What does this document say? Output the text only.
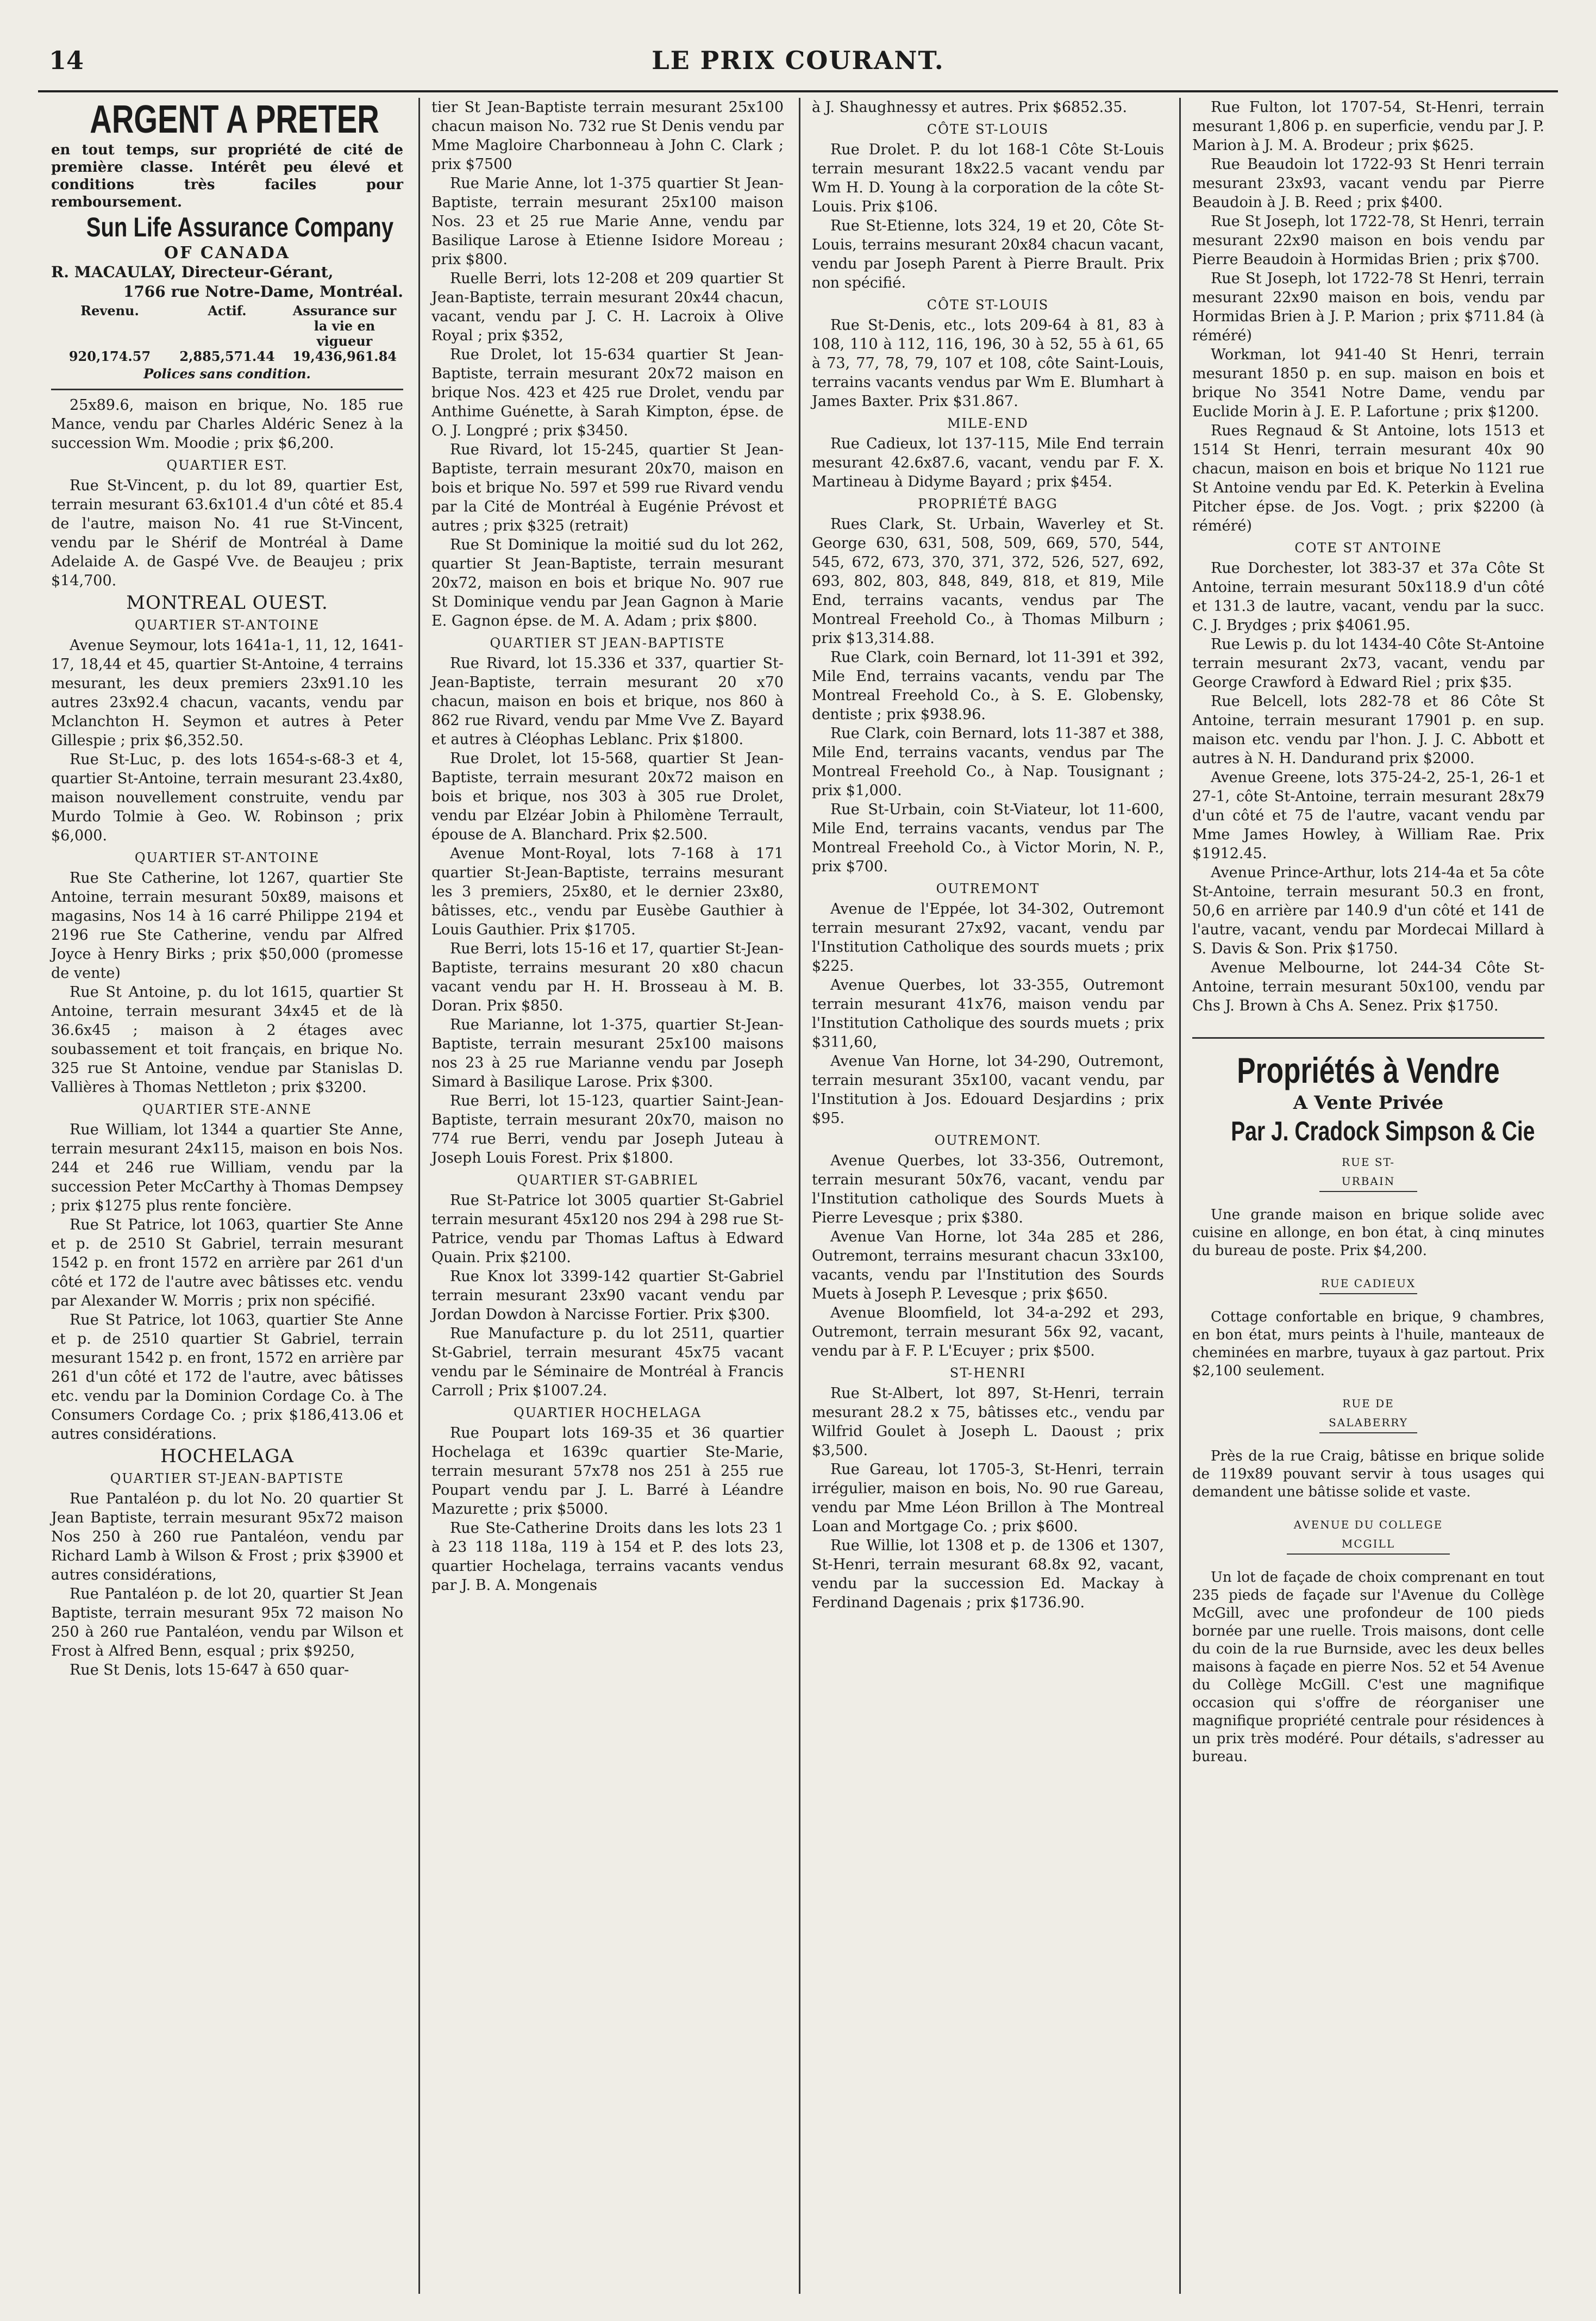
14	LE PRIX COURANT.
ARGENT A PRETER
en tout temps, sur propriété de cité de première classe. Intérêt peu élevé et conditions très faciles pour remboursement.
Sun Life Assurance Company
OF CANADA
R. MACAULAY, Directeur-Gérant,
1766 rue Notre-Dame, Montréal.
Revenu.	Actif.	Assurance sur la vie en vigueur
920,174.57	2,885,571.44	19,436,961.84
Polices sans condition.

25x89.6, maison en brique, No. 185 rue Mance, vendu par Charles Aldéric Senez à la succession Wm. Moodie ; prix $6,200.

QUARTIER EST.

Rue St-Vincent, p. du lot 89, quartier Est, terrain mesurant 63.6x101.4 d'un côté et 85.4 de l'autre, maison No. 41 rue St-Vincent, vendu par le Shérif de Montréal à Dame Adelaide A. de Gaspé Vve. de Beaujeu ; prix $14,700.

MONTREAL OUEST.
QUARTIER ST-ANTOINE

Avenue Seymour, lots 1641a-1, 11, 12, 1641-17, 18,44 et 45, quartier St-Antoine, 4 terrains mesurant, les deux premiers 23x91.10 les autres 23x92.4 chacun, vacants, vendu par Mclanchton H. Seymon et autres à Peter Gillespie ; prix $6,352.50.

Rue St-Luc, p. des lots 1654-s-68-3 et 4, quartier St-Antoine, terrain mesurant 23.4x80, maison nouvellement construite, vendu par Murdo Tolmie à Geo. W. Robinson ; prix $6,000.

QUARTIER ST-ANTOINE

Rue Ste Catherine, lot 1267, quartier Ste Antoine, terrain mesurant 50x89, maisons et magasins, Nos 14 à 16 carré Philippe 2194 et 2196 rue Ste Catherine, vendu par Alfred Joyce à Henry Birks ; prix $50,000 (promesse de vente)

Rue St Antoine, p. du lot 1615, quartier St Antoine, terrain mesurant 34x45 et de là 36.6x45 ; maison à 2 étages avec soubassement et toit français, en brique No. 325 rue St Antoine, vendue par Stanislas D. Vallières à Thomas Nettleton ; prix $3200.

QUARTIER STE-ANNE

Rue William, lot 1344 a quartier Ste Anne, terrain mesurant 24x115, maison en bois Nos. 244 et 246 rue William, vendu par la succession Peter McCarthy à Thomas Dempsey ; prix $1275 plus rente foncière.

Rue St Patrice, lot 1063, quartier Ste Anne et p. de 2510 St Gabriel, terrain mesurant 1542 p. en front 1572 en arrière par 261 d'un côté et 172 de l'autre avec bâtisses etc. vendu par Alexander W. Morris ; prix non spécifié.

Rue St Patrice, lot 1063, quartier Ste Anne et p. de 2510 quartier St Gabriel, terrain mesurant 1542 p. en front, 1572 en arrière par 261 d'un côté et 172 de l'autre, avec bâtisses etc. vendu par la Dominion Cordage Co. à The Consumers Cordage Co. ; prix $186,413.06 et autres considérations.

HOCHELAGA
QUARTIER ST-JEAN-BAPTISTE

Rue Pantaléon p. du lot No. 20 quartier St Jean Baptiste, terrain mesurant 95x72 maison Nos 250 à 260 rue Pantaléon, vendu par Richard Lamb à Wilson & Frost ; prix $3900 et autres considérations,

Rue Pantaléon p. de lot 20, quartier St Jean Baptiste, terrain mesurant 95x 72 maison No 250 à 260 rue Pantaléon, vendu par Wilson et Frost à Alfred Benn, esqual ; prix $9250,

Rue St Denis, lots 15-647 à 650 quar-

tier St Jean-Baptiste terrain mesurant 25x100 chacun maison No. 732 rue St Denis vendu par Mme Magloire Charbonneau à John C. Clark ; prix $7500

Rue Marie Anne, lot 1-375 quartier St Jean-Baptiste, terrain mesurant 25x100 maison Nos. 23 et 25 rue Marie Anne, vendu par Basilique Larose à Etienne Isidore Moreau ; prix $800.

Ruelle Berri, lots 12-208 et 209 quartier St Jean-Baptiste, terrain mesurant 20x44 chacun, vacant, vendu par J. C. H. Lacroix à Olive Royal ; prix $352,

Rue Drolet, lot 15-634 quartier St Jean-Baptiste, terrain mesurant 20x72 maison en brique Nos. 423 et 425 rue Drolet, vendu par Anthime Guénette, à Sarah Kimpton, épse. de O. J. Longpré ; prix $3450.

Rue Rivard, lot 15-245, quartier St Jean-Baptiste, terrain mesurant 20x70, maison en bois et brique No. 597 et 599 rue Rivard vendu par la Cité de Montréal à Eugénie Prévost et autres ; prix $325 (retrait)

Rue St Dominique la moitié sud du lot 262, quartier St Jean-Baptiste, terrain mesurant 20x72, maison en bois et brique No. 907 rue St Dominique vendu par Jean Gagnon à Marie E. Gagnon épse. de M. A. Adam ; prix $800.

QUARTIER ST JEAN-BAPTISTE

Rue Rivard, lot 15.336 et 337, quartier St-Jean-Baptiste, terrain mesurant 20 x70 chacun, maison en bois et brique, nos 860 à 862 rue Rivard, vendu par Mme Vve Z. Bayard et autres à Cléophas Leblanc. Prix $1800.

Rue Drolet, lot 15-568, quartier St Jean-Baptiste, terrain mesurant 20x72 maison en bois et brique, nos 303 à 305 rue Drolet, vendu par Elzéar Jobin à Philomène Terrault, épouse de A. Blanchard. Prix $2.500.

Avenue Mont-Royal, lots 7-168 à 171 quartier St-Jean-Baptiste, terrains mesurant les 3 premiers, 25x80, et le dernier 23x80, bâtisses, etc., vendu par Eusèbe Gauthier à Louis Gauthier. Prix $1705.

Rue Berri, lots 15-16 et 17, quartier St-Jean-Baptiste, terrains mesurant 20 x80 chacun vacant vendu par H. H. Brosseau à M. B. Doran. Prix $850.

Rue Marianne, lot 1-375, quartier St-Jean-Baptiste, terrain mesurant 25x100 maisons nos 23 à 25 rue Marianne vendu par Joseph Simard à Basilique Larose. Prix $300.

Rue Berri, lot 15-123, quartier Saint-Jean-Baptiste, terrain mesurant 20x70, maison no 774 rue Berri, vendu par Joseph Juteau à Joseph Louis Forest. Prix $1800.

QUARTIER ST-GABRIEL

Rue St-Patrice lot 3005 quartier St-Gabriel terrain mesurant 45x120 nos 294 à 298 rue St-Patrice, vendu par Thomas Laftus à Edward Quain. Prix $2100.

Rue Knox lot 3399-142 quartier St-Gabriel terrain mesurant 23x90 vacant vendu par Jordan Dowdon à Narcisse Fortier. Prix $300.

Rue Manufacture p. du lot 2511, quartier St-Gabriel, terrain mesurant 45x75 vacant vendu par le Séminaire de Montréal à Francis Carroll ; Prix $1007.24.

QUARTIER HOCHELAGA

Rue Poupart lots 169-35 et 36 quartier Hochelaga et 1639c quartier Ste-Marie, terrain mesurant 57x78 nos 251 à 255 rue Poupart vendu par J. L. Barré à Léandre Mazurette ; prix $5000.

Rue Ste-Catherine Droits dans les lots 23 1 à 23 118 118a, 119 à 154 et P. des lots 23, quartier Hochelaga, terrains vacants vendus par J. B. A. Mongenais

à J. Shaughnessy et autres. Prix $6852.35.

CÔTE ST-LOUIS

Rue Drolet. P. du lot 168-1 Côte St-Louis terrain mesurant 18x22.5 vacant vendu par Wm H. D. Young à la corporation de la côte St-Louis. Prix $106.

Rue St-Etienne, lots 324, 19 et 20, Côte St-Louis, terrains mesurant 20x84 chacun vacant, vendu par Joseph Parent à Pierre Brault. Prix non spécifié.

CÔTE ST-LOUIS

Rue St-Denis, etc., lots 209-64 à 81, 83 à 108, 110 à 112, 116, 196, 30 à 52, 55 à 61, 65 à 73, 77, 78, 79, 107 et 108, côte Saint-Louis, terrains vacants vendus par Wm E. Blumhart à James Baxter. Prix $31.867.

MILE-END

Rue Cadieux, lot 137-115, Mile End terrain mesurant 42.6x87.6, vacant, vendu par F. X. Martineau à Didyme Bayard ; prix $454.

PROPRIÉTÉ BAGG

Rues Clark, St. Urbain, Waverley et St. George 630, 631, 508, 509, 669, 570, 544, 545, 672, 673, 370, 371, 372, 526, 527, 692, 693, 802, 803, 848, 849, 818, et 819, Mile End, terrains vacants, vendus par The Montreal Freehold Co., à Thomas Milburn ; prix $13,314.88.

Rue Clark, coin Bernard, lot 11-391 et 392, Mile End, terrains vacants, vendu par The Montreal Freehold Co., à S. E. Globensky, dentiste ; prix $938.96.

Rue Clark, coin Bernard, lots 11-387 et 388, Mile End, terrains vacants, vendus par The Montreal Freehold Co., à Nap. Tousignant ; prix $1,000.

Rue St-Urbain, coin St-Viateur, lot 11-600, Mile End, terrains vacants, vendus par The Montreal Freehold Co., à Victor Morin, N. P., prix $700.

OUTREMONT

Avenue de l'Eppée, lot 34-302, Outremont terrain mesurant 27x92, vacant, vendu par l'Institution Catholique des sourds muets ; prix $225.

Avenue Querbes, lot 33-355, Outremont terrain mesurant 41x76, maison vendu par l'Institution Catholique des sourds muets ; prix $311,60,

Avenue Van Horne, lot 34-290, Outremont, terrain mesurant 35x100, vacant vendu, par l'Institution à Jos. Edouard Desjardins ; prix $95.

OUTREMONT.

Avenue Querbes, lot 33-356, Outremont, terrain mesurant 50x76, vacant, vendu par l'Institution catholique des Sourds Muets à Pierre Levesque ; prix $380.

Avenue Van Horne, lot 34a 285 et 286, Outremont, terrains mesurant chacun 33x100, vacants, vendu par l'Institution des Sourds Muets à Joseph P. Levesque ; prix $650.

Avenue Bloomfield, lot 34-a-292 et 293, Outremont, terrain mesurant 56x 92, vacant, vendu par à F. P. L'Ecuyer ; prix $500.

ST-HENRI

Rue St-Albert, lot 897, St-Henri, terrain mesurant 28.2 x 75, bâtisses etc., vendu par Wilfrid Goulet à Joseph L. Daoust ; prix $3,500.

Rue Gareau, lot 1705-3, St-Henri, terrain irrégulier, maison en bois, No. 90 rue Gareau, vendu par Mme Léon Brillon à The Montreal Loan and Mortgage Co. ; prix $600.

Rue Willie, lot 1308 et p. de 1306 et 1307, St-Henri, terrain mesurant 68.8x 92, vacant, vendu par la succession Ed. Mackay à Ferdinand Dagenais ; prix $1736.90.

Rue Fulton, lot 1707-54, St-Henri, terrain mesurant 1,806 p. en superficie, vendu par J. P. Marion à J. M. A. Brodeur ; prix $625.

Rue Beaudoin lot 1722-93 St Henri terrain mesurant 23x93, vacant vendu par Pierre Beaudoin à J. B. Reed ; prix $400.

Rue St Joseph, lot 1722-78, St Henri, terrain mesurant 22x90 maison en bois vendu par Pierre Beaudoin à Hormidas Brien ; prix $700.

Rue St Joseph, lot 1722-78 St Henri, terrain mesurant 22x90 maison en bois, vendu par Hormidas Brien à J. P. Marion ; prix $711.84 (à réméré)

Workman, lot 941-40 St Henri, terrain mesurant 1850 p. en sup. maison en bois et brique No 3541 Notre Dame, vendu par Euclide Morin à J. E. P. Lafortune ; prix $1200.

Rues Regnaud & St Antoine, lots 1513 et 1514 St Henri, terrain mesurant 40x 90 chacun, maison en bois et brique No 1121 rue St Antoine vendu par Ed. K. Peterkin à Evelina Pitcher épse. de Jos. Vogt. ; prix $2200 (à réméré)

COTE ST ANTOINE

Rue Dorchester, lot 383-37 et 37a Côte St Antoine, terrain mesurant 50x118.9 d'un côté et 131.3 de lautre, vacant, vendu par la succ. C. J. Brydges ; prix $4061.95.

Rue Lewis p. du lot 1434-40 Côte St-Antoine terrain mesurant 2x73, vacant, vendu par George Crawford à Edward Riel ; prix $35.

Rue Belcell, lots 282-78 et 86 Côte St Antoine, terrain mesurant 17901 p. en sup. maison etc. vendu par l'hon. J. J. C. Abbott et autres à N. H. Dandurand prix $2000.

Avenue Greene, lots 375-24-2, 25-1, 26-1 et 27-1, côte St-Antoine, terrain mesurant 28x79 d'un côté et 75 de l'autre, vacant vendu par Mme James Howley, à William Rae. Prix $1912.45.

Avenue Prince-Arthur, lots 214-4a et 5a côte St-Antoine, terrain mesurant 50.3 en front, 50,6 en arrière par 140.9 d'un côté et 141 de l'autre, vacant, vendu par Mordecai Millard à S. Davis & Son. Prix $1750.

Avenue Melbourne, lot 244-34 Côte St-Antoine, terrain mesurant 50x100, vendu par Chs J. Brown à Chs A. Senez. Prix $1750.

Propriétés à Vendre
A Vente Privée
Par J. Cradock Simpson & Cie
RUE ST-URBAIN

Une grande maison en brique solide avec cuisine en allonge, en bon état, à cinq minutes du bureau de poste. Prix $4,200.

RUE CADIEUX

Cottage confortable en brique, 9 chambres, en bon état, murs peints à l'huile, manteaux de cheminées en marbre, tuyaux à gaz partout. Prix $2,100 seulement.

RUE DE SALABERRY

Près de la rue Craig, bâtisse en brique solide de 119x89 pouvant servir à tous usages qui demandent une bâtisse solide et vaste.

AVENUE DU COLLEGE MCGILL

Un lot de façade de choix comprenant en tout 235 pieds de façade sur l'Avenue du Collège McGill, avec une profondeur de 100 pieds bornée par une ruelle. Trois maisons, dont celle du coin de la rue Burnside, avec les deux belles maisons à façade en pierre Nos. 52 et 54 Avenue du Collège McGill. C'est une magnifique occasion qui s'offre de réorganiser une magnifique propriété centrale pour résidences à un prix très modéré. Pour détails, s'adresser au bureau.
